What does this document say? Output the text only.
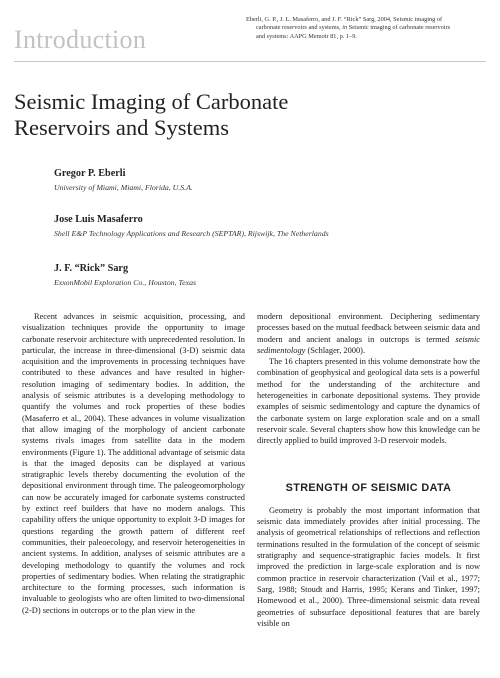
Introduction

Eberli, G. P., J. L. Masaferro, and J. F. “Rick” Sarg, 2004, Seismic imaging of

carbonate reservoirs and systems, in Seismic imaging of carbonate reservoirs

and systems: AAPG Memoir 81, p. 1–9.

Seismic Imaging of Carbonate
Reservoirs and Systems
Gregor P. Eberli
University of Miami, Miami, Florida, U.S.A.
Jose Luis Masaferro
Shell E&P Technology Applications and Research (SEPTAR), Rijswijk, The Netherlands
J. F. “Rick” Sarg
ExxonMobil Exploration Co., Houston, Texas

Recent advances in seismic acquisition, processing, and visualization techniques provide the opportunity to image carbonate reservoir architecture with unprecedented resolution. In particular, the increase in three-dimensional (3-D) seismic data acquisition and the improvements in processing techniques have contributed to these advances and have resulted in higher-resolution imaging of sedimentary bodies. In addition, the analysis of seismic attributes is a developing methodology to quantify the volumes and rock properties of these bodies (Masaferro et al., 2004). These advances in volume visualization that allow imaging of the morphology of ancient carbonate systems rivals images from satellite data in the modern environments (Figure 1). The additional advantage of seismic data is that the imaged deposits can be displayed at various stratigraphic levels thereby documenting the evolution of the depositional environment through time. The paleogeomorphology can now be accurately imaged for carbonate systems constructed by extinct reef builders that have no modern analogs. This capability offers the unique opportunity to exploit 3-D images for questions regarding the growth pattern of different reef communities, their paleoecology, and reservoir heterogeneities in ancient systems. In addition, analyses of seismic attributes are a developing methodology to quantify the volumes and rock properties of sedimentary bodies. When relating the stratigraphic architecture to the forming processes, such information is invaluable to geologists who are often limited to two-dimensional (2-D) sections in outcrops or to the plan view in the

modern depositional environment. Deciphering sedimentary processes based on the mutual feedback between seismic data and modern and ancient analogs in outcrops is termed seismic sedimentology (Schlager, 2000).

The 16 chapters presented in this volume demonstrate how the combination of geophysical and geological data sets is a powerful method for the understanding of the architecture and heterogeneities in carbonate depositional systems. They provide examples of seismic sedimentology and capture the dynamics of the carbonate system on large exploration scale and on a small reservoir scale. Several chapters show how this knowledge can be directly applied to build improved 3-D reservoir models.

STRENGTH OF SEISMIC DATA

Geometry is probably the most important information that seismic data immediately provides after initial processing. The analysis of geometrical relationships of reflections and reflection terminations resulted in the formulation of the concept of seismic stratigraphy and sequence-stratigraphic facies models. It first improved the prediction in large-scale exploration and is now common practice in reservoir characterization (Vail et al., 1977; Sarg, 1988; Stoudt and Harris, 1995; Kerans and Tinker, 1997; Homewood et al., 2000). Three-dimensional seismic data reveal geometries of subsurface depositional features that are barely visible on
